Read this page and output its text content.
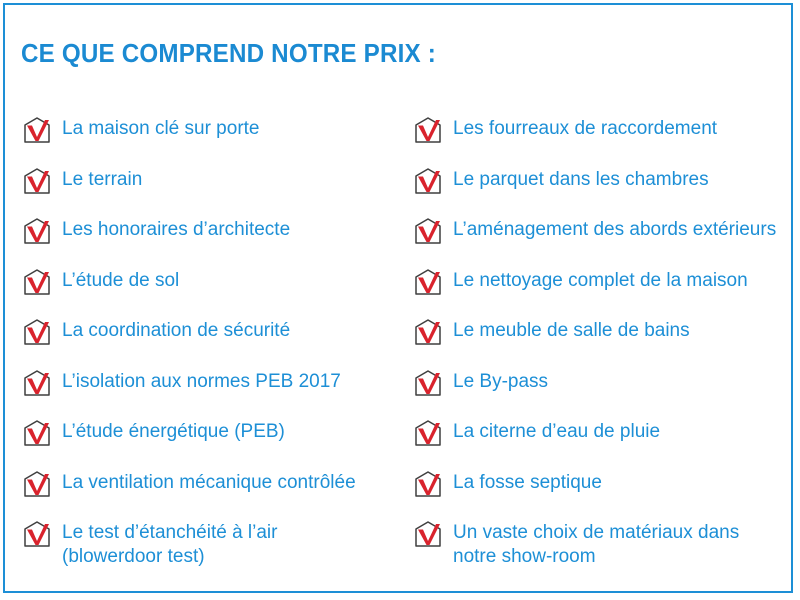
CE QUE COMPREND NOTRE PRIX :
La maison clé sur porte
Le terrain
Les honoraires d’architecte
L’étude de sol
La coordination de sécurité
L’isolation aux normes PEB 2017
L’étude énergétique (PEB)
La ventilation mécanique contrôlée
Le test d’étanchéité à l’air
(blowerdoor test)
Les fourreaux de raccordement
Le parquet dans les chambres
L’aménagement des abords extérieurs
Le nettoyage complet de la maison
Le meuble de salle de bains
Le By-pass
La citerne d’eau de pluie
La fosse septique
Un vaste choix de matériaux dans
notre show-room
